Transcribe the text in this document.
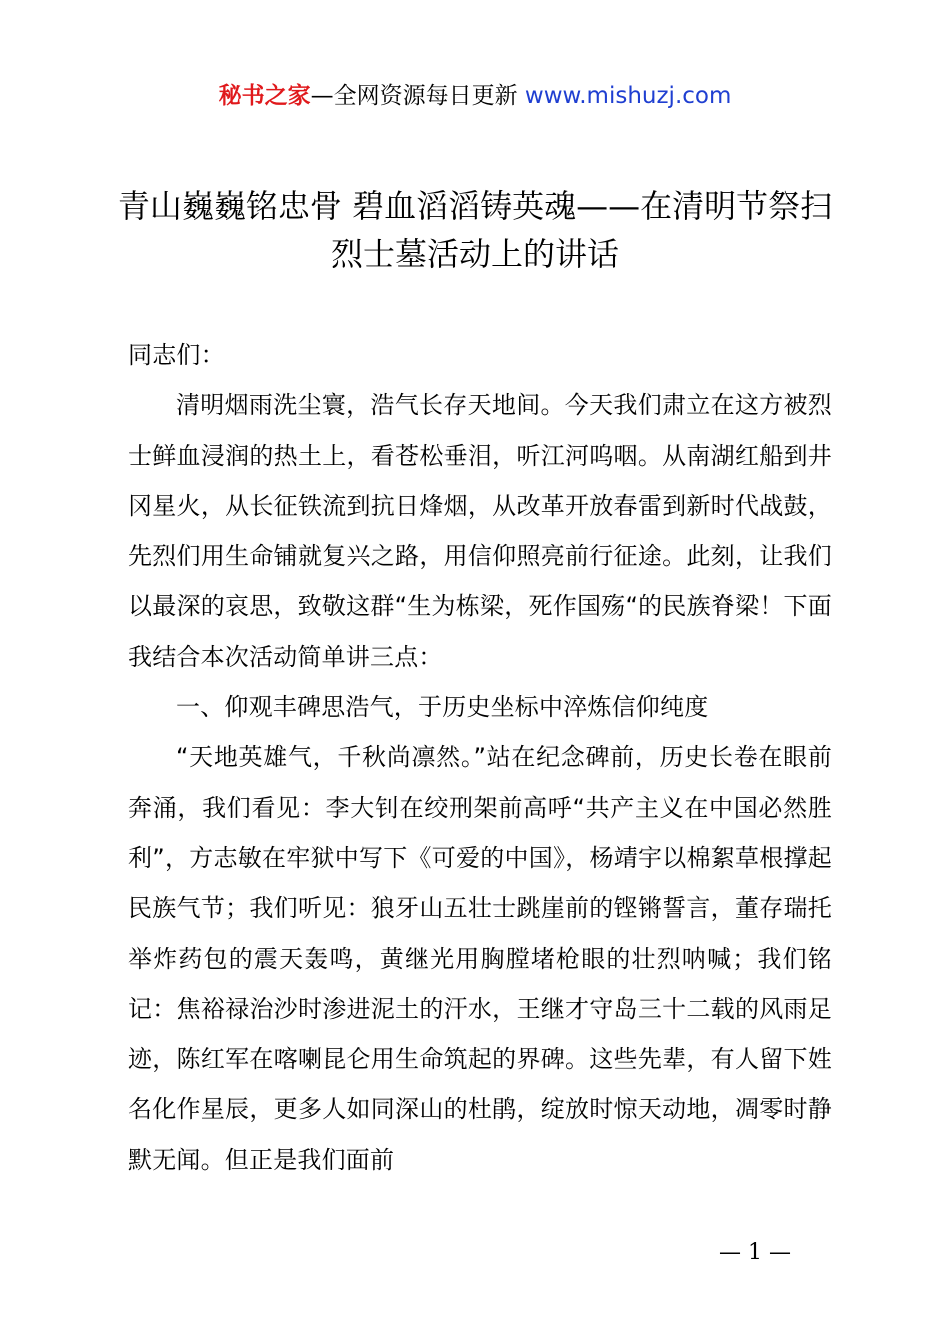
秘书之家—全网资源每日更新 www.mishuzj.com
青山巍巍铭忠骨 碧血滔滔铸英魂——在清明节祭扫烈士墓活动上的讲话

同志们：

清明烟雨洗尘寰，浩气长存天地间。今天我们肃立在这方被烈士鲜血浸润的热土上，看苍松垂泪，听江河呜咽。从南湖红船到井冈星火，从长征铁流到抗日烽烟，从改革开放春雷到新时代战鼓，先烈们用生命铺就复兴之路，用信仰照亮前行征途。此刻，让我们以最深的哀思，致敬这群“生为栋梁，死作国殇“的民族脊梁！下面我结合本次活动简单讲三点：

一、仰观丰碑思浩气，于历史坐标中淬炼信仰纯度

“天地英雄气，千秋尚凛然。”站在纪念碑前，历史长卷在眼前奔涌，我们看见：李大钊在绞刑架前高呼“共产主义在中国必然胜利”，方志敏在牢狱中写下《可爱的中国》，杨靖宇以棉絮草根撑起民族气节；我们听见：狼牙山五壮士跳崖前的铿锵誓言，董存瑞托举炸药包的震天轰鸣，黄继光用胸膛堵枪眼的壮烈呐喊；我们铭记：焦裕禄治沙时渗进泥土的汗水，王继才守岛三十二载的风雨足迹，陈红军在喀喇昆仑用生命筑起的界碑。这些先辈，有人留下姓名化作星辰，更多人如同深山的杜鹃，绽放时惊天动地，凋零时静默无闻。但正是我们面前

— 1 —
